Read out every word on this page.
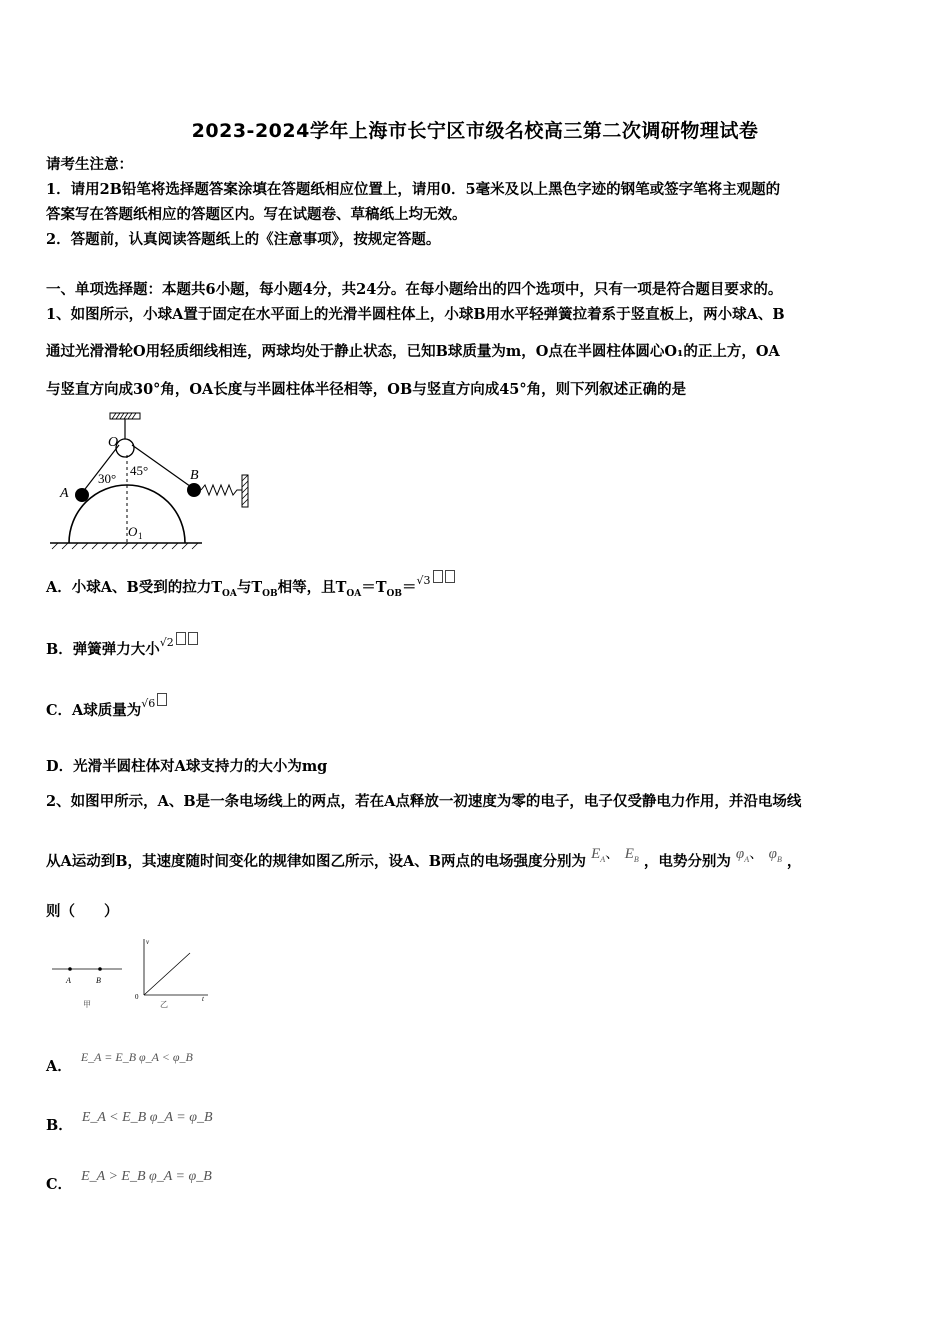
2023-2024学年上海市长宁区市级名校高三第二次调研物理试卷
请考生注意：
1．请用2B铅笔将选择题答案涂填在答题纸相应位置上，请用0．5毫米及以上黑色字迹的钢笔或签字笔将主观题的
答案写在答题纸相应的答题区内。写在试题卷、草稿纸上均无效。
2．答题前，认真阅读答题纸上的《注意事项》，按规定答题。
一、单项选择题：本题共6小题，每小题4分，共24分。在每小题给出的四个选项中，只有一项是符合题目要求的。
1、如图所示，小球A置于固定在水平面上的光滑半圆柱体上，小球B用水平轻弹簧拉着系于竖直板上，两小球A、B
通过光滑滑轮O用轻质细线相连，两球均处于静止状态，已知B球质量为m，O点在半圆柱体圆心O₁的正上方，OA
与竖直方向成30°角，OA长度与半圆柱体半径相等，OB与竖直方向成45°角，则下列叙述正确的是
O
A
B
30°
45°
O 1
A．小球A、B受到的拉力$T_{OA}$与$T_{OB}$相等，且$T_{OA}=T_{OB}=^{√3}$
B．弹簧弹力大小$^{√2}$
C．A球质量为$^{√6}$
D．光滑半圆柱体对A球支持力的大小为mg
2、如图甲所示，A、B是一条电场线上的两点，若在A点释放一初速度为零的电子，电子仅受静电力作用，并沿电场线
从A运动到B，其速度随时间变化的规律如图乙所示，设A、B两点的电场强度分别为 $E_A$、 $E_B$ ，电势分别为 $\varphi_A$、 $\varphi_B$ ，
则（　　）
A	B
甲
v
0
乙
t
A． $^{E\_A = E\_B \varphi\_A < \varphi\_B}$
B． E_A < E_B φ_A = φ_B
C． E_A > E_B φ_A = φ_B
